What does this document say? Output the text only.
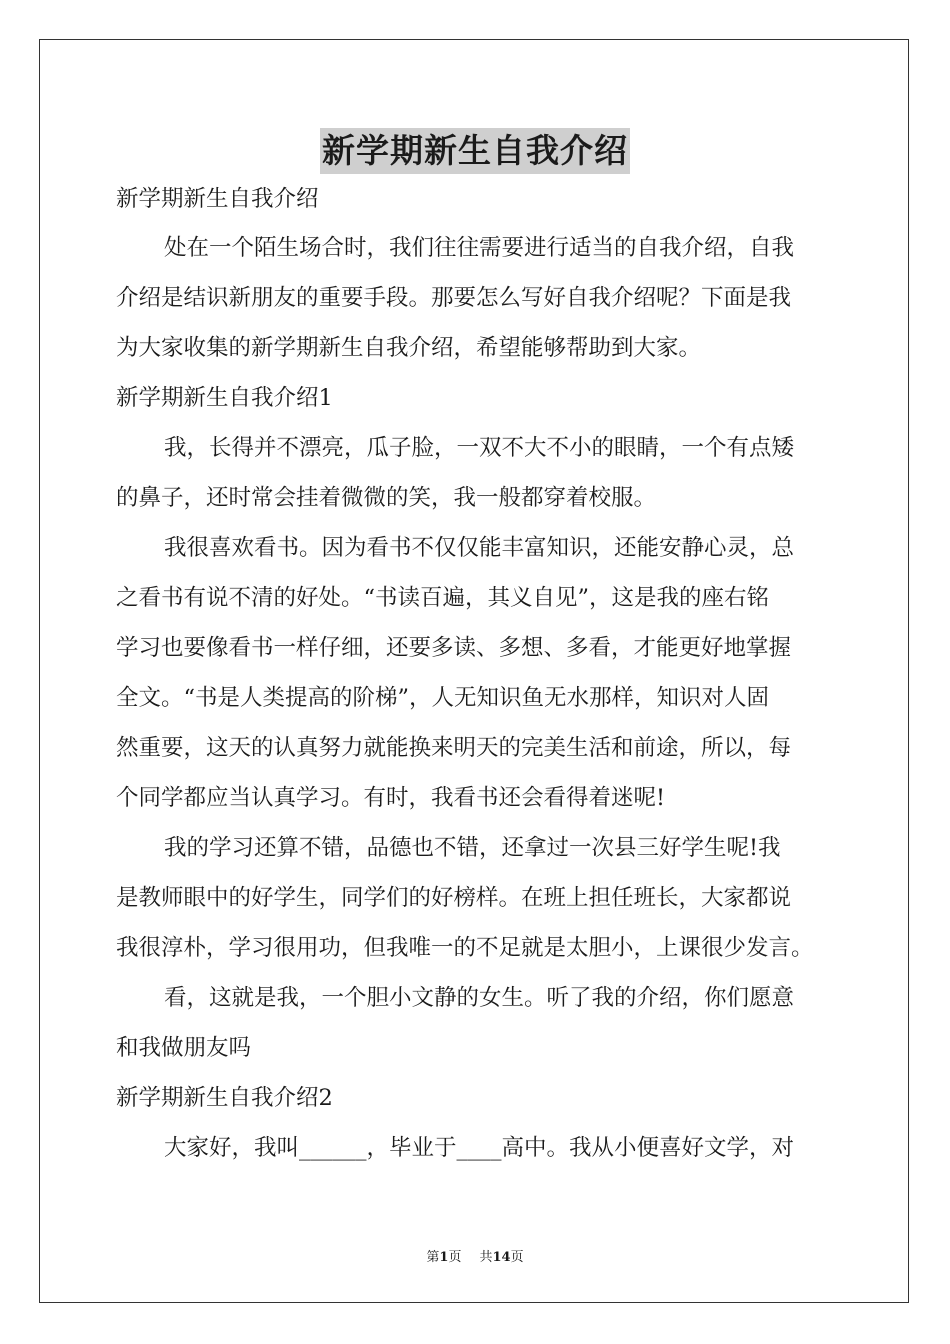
新学期新生自我介绍
新学期新生自我介绍
处在一个陌生场合时，我们往往需要进行适当的自我介绍，自我
介绍是结识新朋友的重要手段。那要怎么写好自我介绍呢？下面是我
为大家收集的新学期新生自我介绍，希望能够帮助到大家。
新学期新生自我介绍1
我，长得并不漂亮，瓜子脸，一双不大不小的眼睛，一个有点矮
的鼻子，还时常会挂着微微的笑，我一般都穿着校服。
我很喜欢看书。因为看书不仅仅能丰富知识，还能安静心灵，总
之看书有说不清的好处。“书读百遍，其义自见”，这是我的座右铭
学习也要像看书一样仔细，还要多读、多想、多看，才能更好地掌握
全文。“书是人类提高的阶梯”，人无知识鱼无水那样，知识对人固
然重要，这天的认真努力就能换来明天的完美生活和前途，所以，每
个同学都应当认真学习。有时，我看书还会看得着迷呢!
我的学习还算不错，品德也不错，还拿过一次县三好学生呢!我
是教师眼中的好学生，同学们的好榜样。在班上担任班长，大家都说
我很淳朴，学习很用功，但我唯一的不足就是太胆小，上课很少发言。
看，这就是我，一个胆小文静的女生。听了我的介绍，你们愿意
和我做朋友吗
新学期新生自我介绍2
大家好，我叫______，毕业于____高中。我从小便喜好文学，对
第1页 共14页
